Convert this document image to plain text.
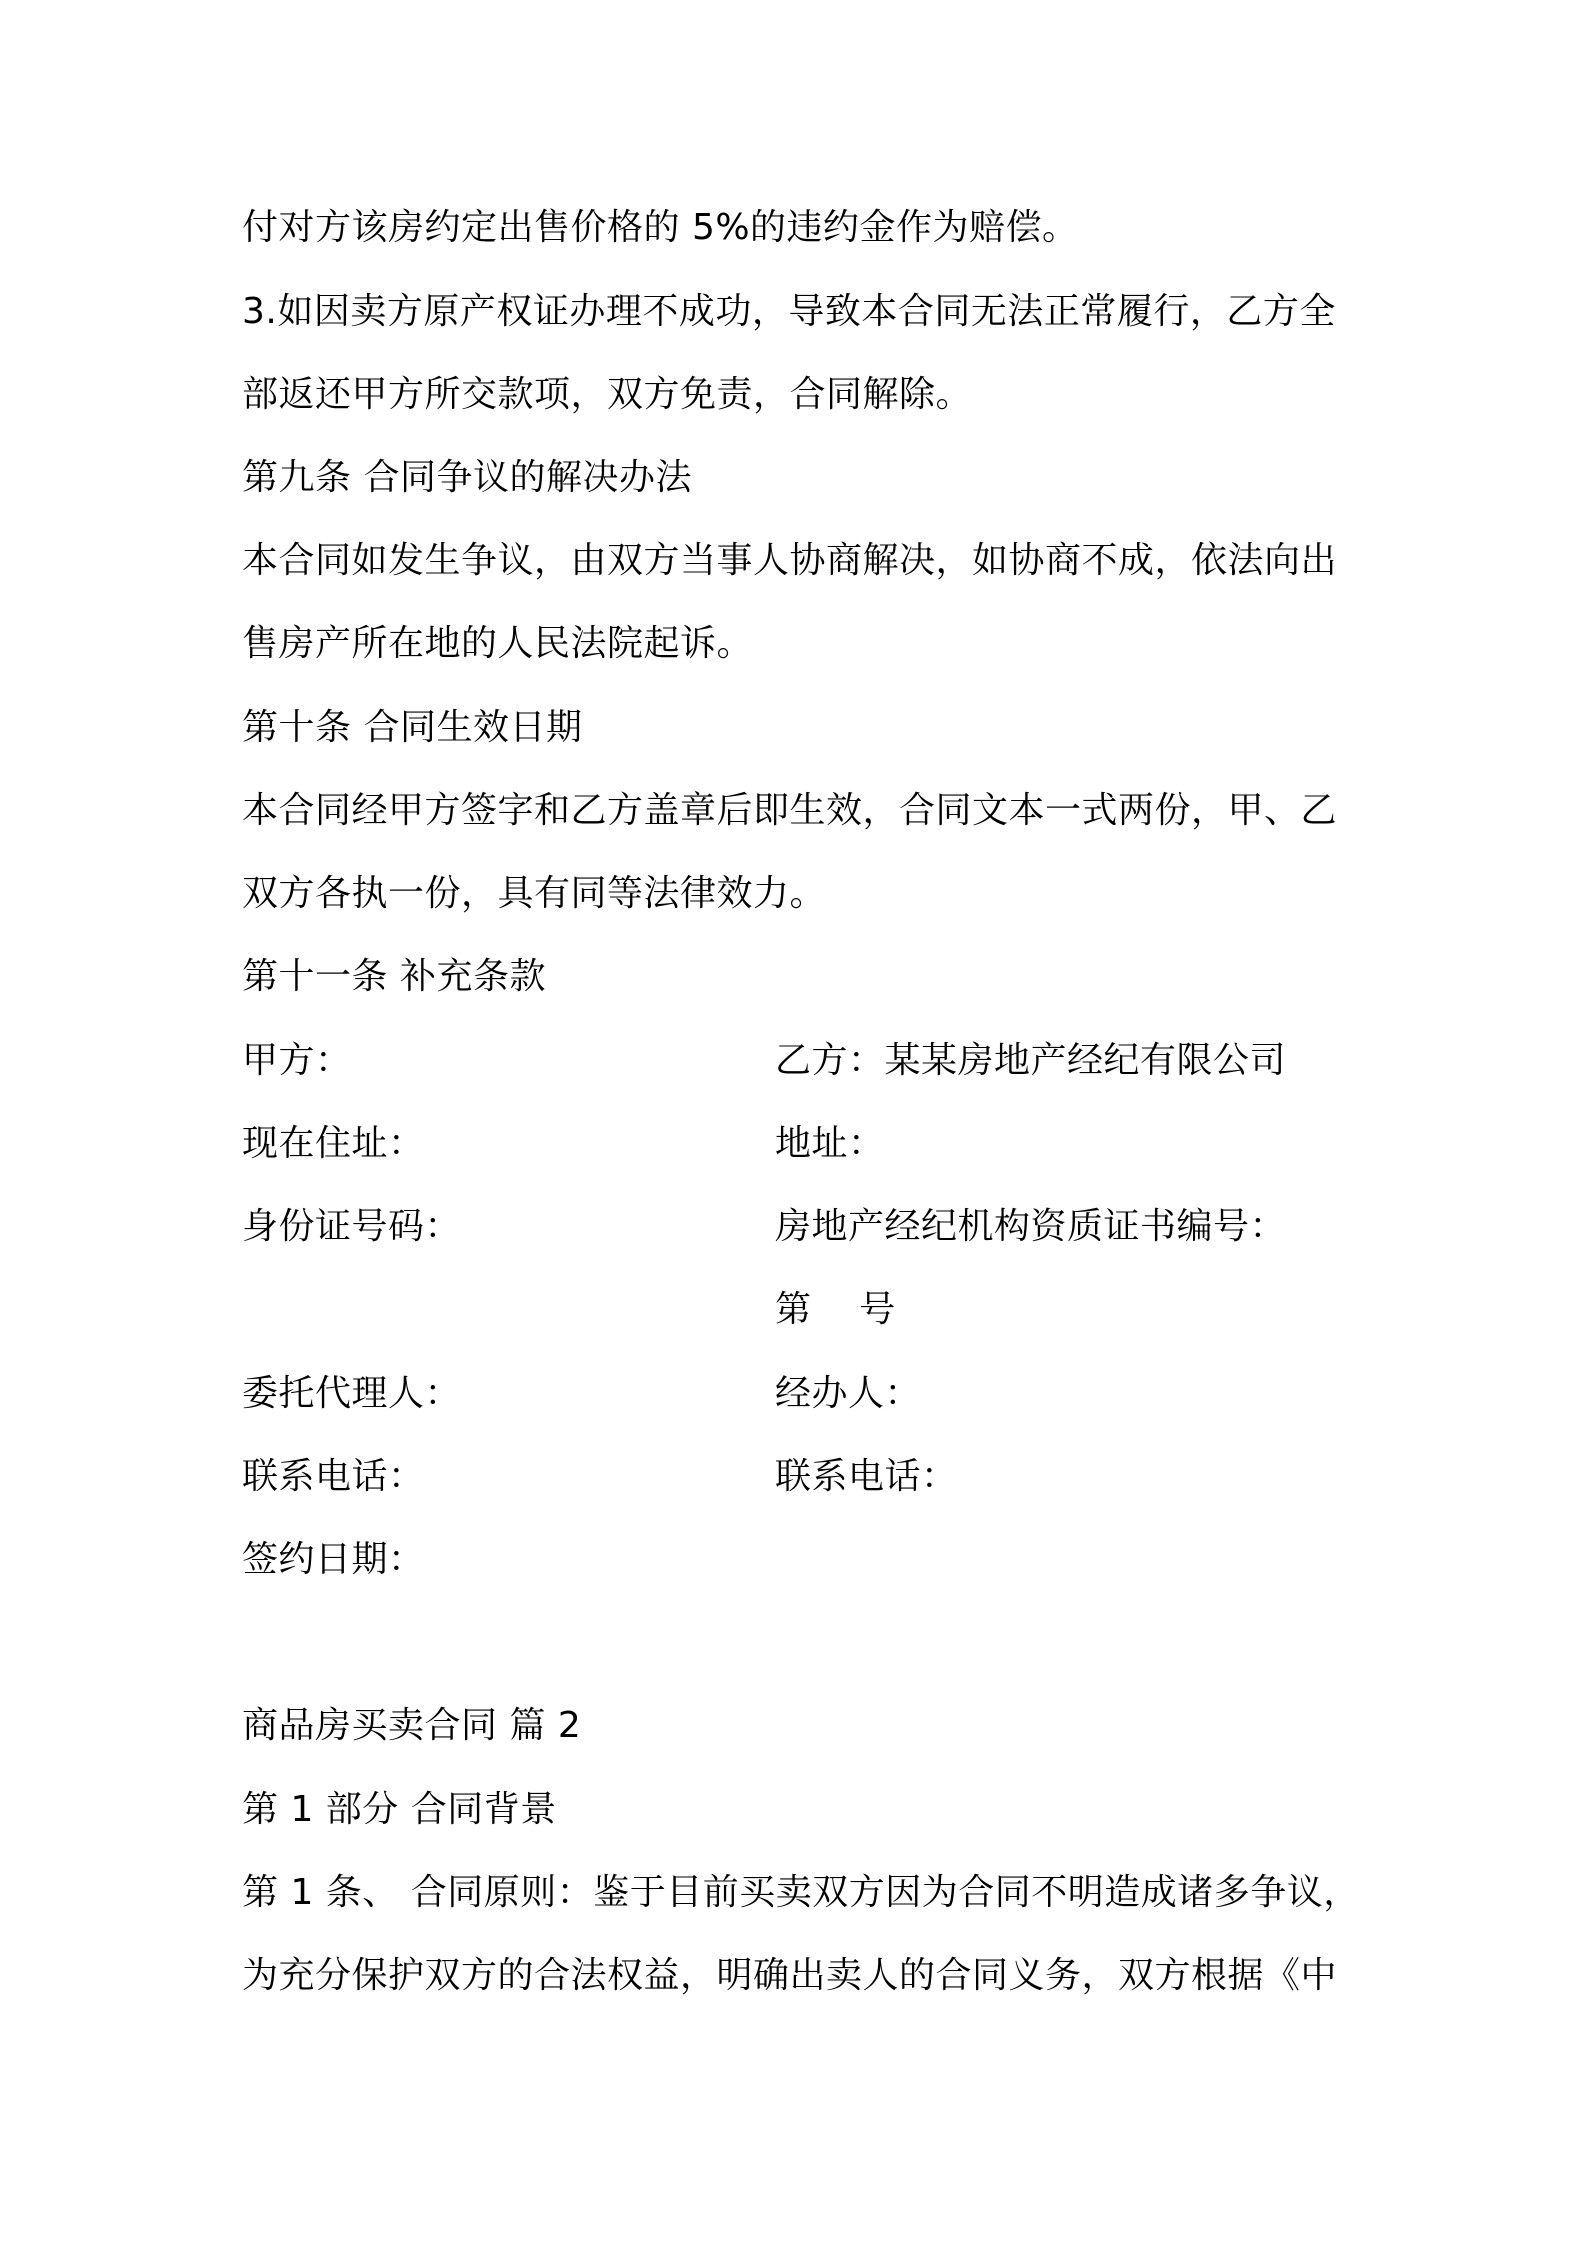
付对方该房约定出售价格的 5%的违约金作为赔偿。
3.如因卖方原产权证办理不成功，导致本合同无法正常履行，乙方全
部返还甲方所交款项，双方免责，合同解除。
第九条 合同争议的解决办法
本合同如发生争议，由双方当事人协商解决，如协商不成，依法向出
售房产所在地的人民法院起诉。
第十条 合同生效日期
本合同经甲方签字和乙方盖章后即生效，合同文本一式两份，甲、乙
双方各执一份，具有同等法律效力。
第十一条 补充条款
甲方：	乙方：某某房地产经纪有限公司
现在住址：	地址：
身份证号码：	房地产经纪机构资质证书编号：
第    号
委托代理人：	经办人：
联系电话：	联系电话：
签约日期：
商品房买卖合同 篇 2
第 1 部分 合同背景
第 1 条、 合同原则：鉴于目前买卖双方因为合同不明造成诸多争议，
为充分保护双方的合法权益，明确出卖人的合同义务，双方根据《中
